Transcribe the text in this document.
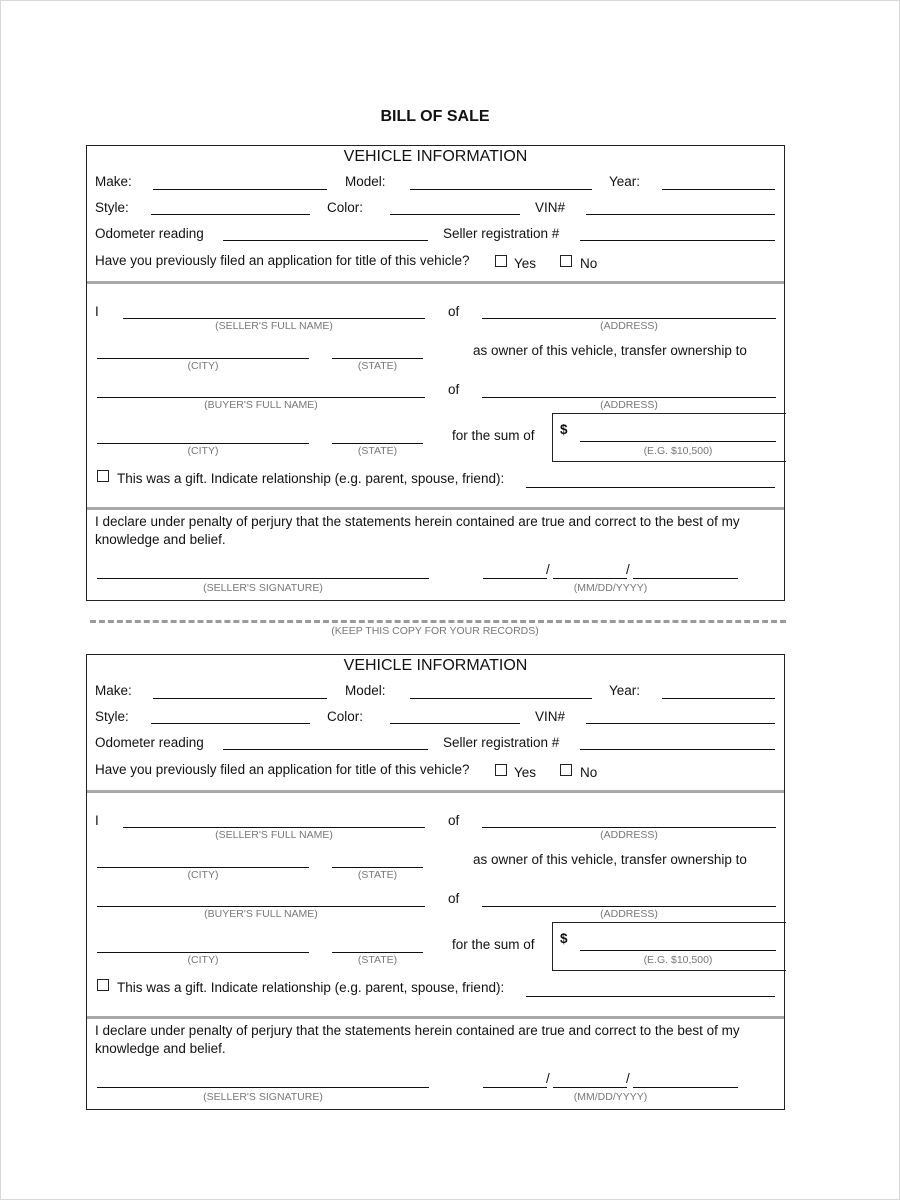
BILL OF SALE
VEHICLE INFORMATION
Make:	Model:	Year:
Style:	Color:	VIN#
Odometer reading	Seller registration #
Have you previously filed an application for title of this vehicle?	Yes	No
I
(SELLER'S FULL NAME)
of
(ADDRESS)
(CITY)	(STATE)
as owner of this vehicle, transfer ownership to
(BUYER'S FULL NAME)
of
(ADDRESS)
(CITY)	(STATE)
for the sum of $
(E.G. $10,500)
This was a gift. Indicate relationship (e.g. parent, spouse, friend):
I declare under penalty of perjury that the statements herein contained are true and correct to the best of my knowledge and belief.
(SELLER'S SIGNATURE)
/	/
(MM/DD/YYYY)
(KEEP THIS COPY FOR YOUR RECORDS)
VEHICLE INFORMATION
Make:	Model:	Year:
Style:	Color:	VIN#
Odometer reading	Seller registration #
Have you previously filed an application for title of this vehicle?	Yes	No
I
(SELLER'S FULL NAME)
of
(ADDRESS)
(CITY)	(STATE)
as owner of this vehicle, transfer ownership to
(BUYER'S FULL NAME)
of
(ADDRESS)
(CITY)	(STATE)
for the sum of $
(E.G. $10,500)
This was a gift. Indicate relationship (e.g. parent, spouse, friend):
I declare under penalty of perjury that the statements herein contained are true and correct to the best of my knowledge and belief.
(SELLER'S SIGNATURE)
/	/
(MM/DD/YYYY)
